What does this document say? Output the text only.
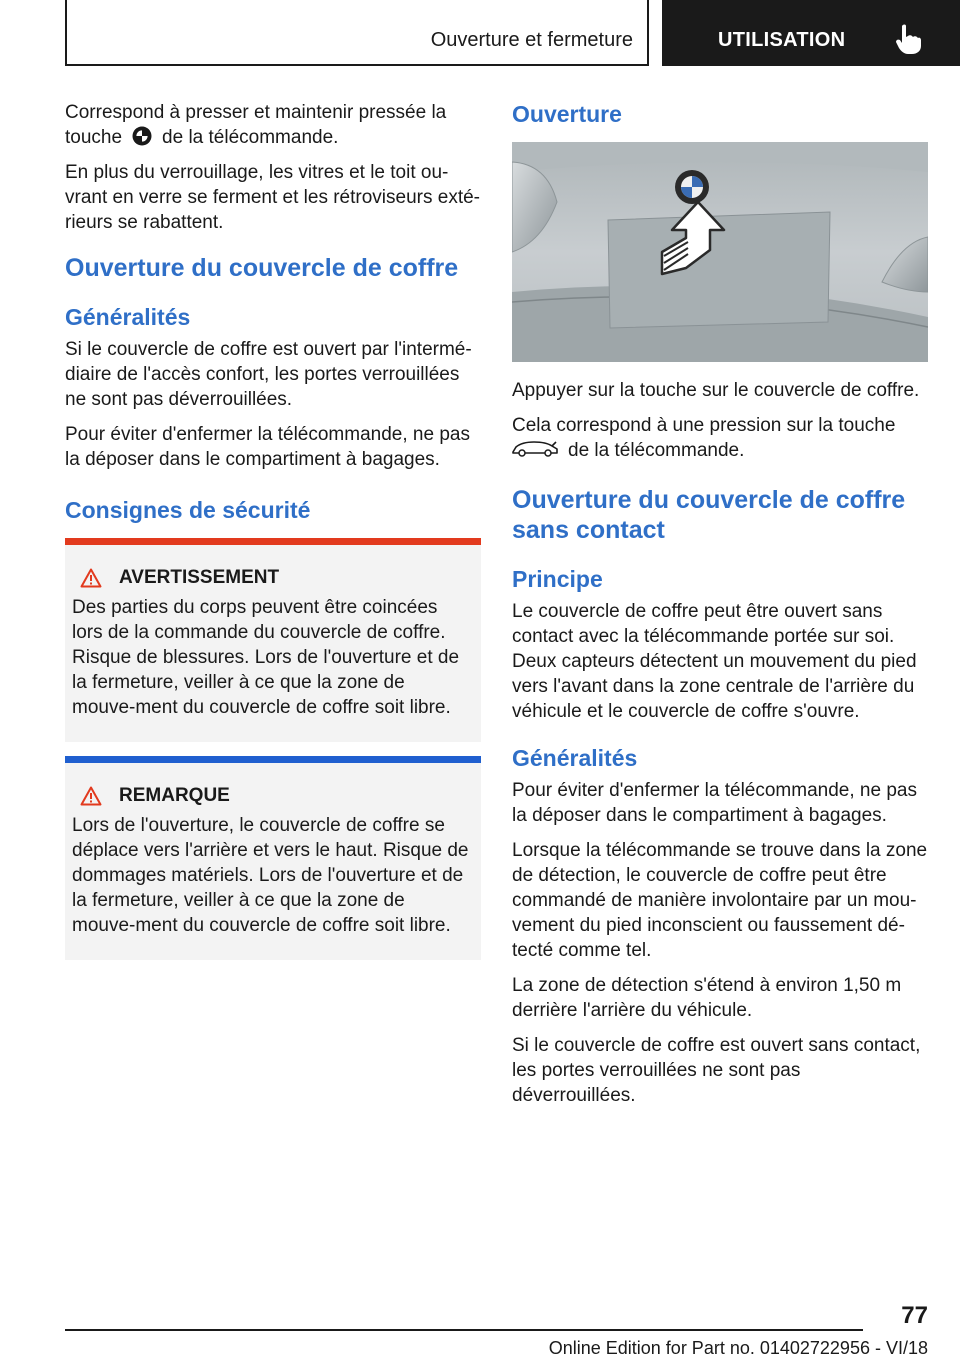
Ouverture et fermeture	UTILISATION

Correspond à presser et maintenir pressée la
touche de la télécommande.

En plus du verrouillage, les vitres et le toit ou-vrant en verre se ferment et les rétroviseurs exté-rieurs se rabattent.

Ouverture du couvercle de coffre
Généralités

Si le couvercle de coffre est ouvert par l'intermé-diaire de l'accès confort, les portes verrouillées ne sont pas déverrouillées.

Pour éviter d'enfermer la télécommande, ne pas la déposer dans le compartiment à bagages.

Consignes de sécurité
AVERTISSEMENT

Des parties du corps peuvent être coincées lors de la commande du couvercle de coffre. Risque de blessures. Lors de l'ouverture et de la fermeture, veiller à ce que la zone de mouve-ment du couvercle de coffre soit libre.

REMARQUE

Lors de l'ouverture, le couvercle de coffre se déplace vers l'arrière et vers le haut. Risque de dommages matériels. Lors de l'ouverture et de la fermeture, veiller à ce que la zone de mouve-ment du couvercle de coffre soit libre.

Ouverture

Appuyer sur la touche sur le couvercle de coffre.

Cela correspond à une pression sur la touche
de la télécommande.

Ouverture du couvercle de coffre sans contact
Principe

Le couvercle de coffre peut être ouvert sans contact avec la télécommande portée sur soi. Deux capteurs détectent un mouvement du pied vers l'avant dans la zone centrale de l'arrière du véhicule et le couvercle de coffre s'ouvre.

Généralités

Pour éviter d'enfermer la télécommande, ne pas la déposer dans le compartiment à bagages.

Lorsque la télécommande se trouve dans la zone de détection, le couvercle de coffre peut être commandé de manière involontaire par un mou-vement du pied inconscient ou faussement dé-tecté comme tel.

La zone de détection s'étend à environ 1,50 m derrière l'arrière du véhicule.

Si le couvercle de coffre est ouvert sans contact, les portes verrouillées ne sont pas déverrouillées.

77
Online Edition for Part no. 01402722956 - VI/18
